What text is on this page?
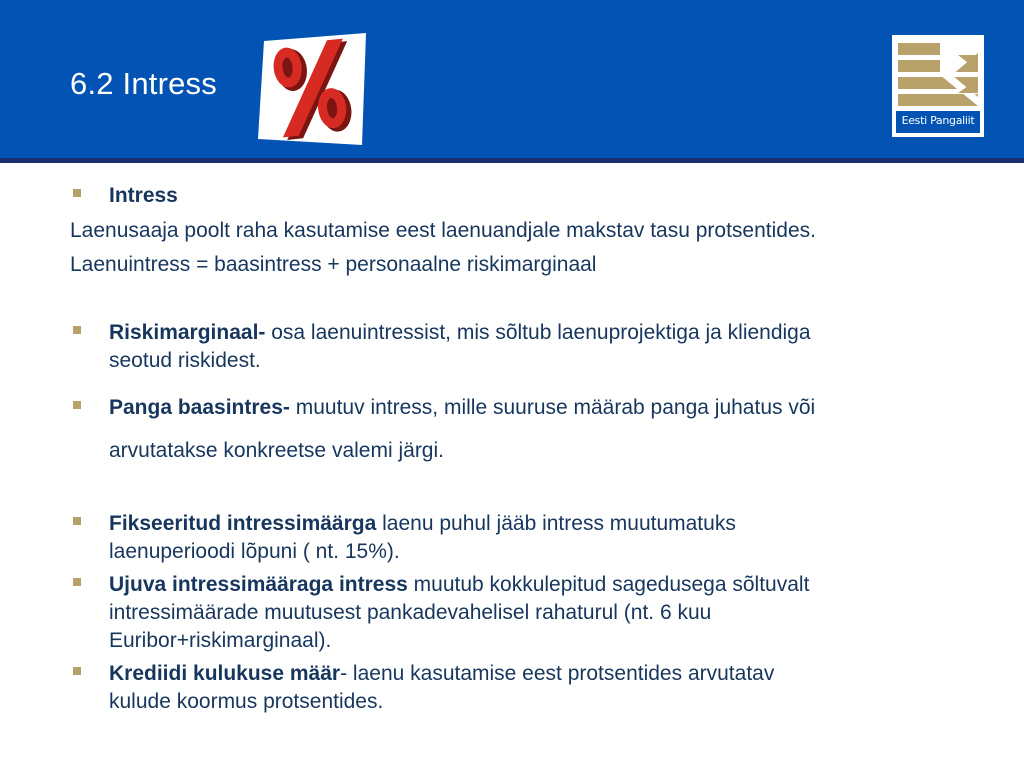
6.2 Intress
Eesti Pangaliit
Intress
Laenusaaja poolt raha kasutamise eest laenuandjale makstav tasu protsentides.
Laenuintress = baasintress + personaalne riskimarginaal
Riskimarginaal- osa laenuintressist, mis sõltub laenuprojektiga ja kliendiga
seotud riskidest.
Panga baasintres- muutuv intress, mille suuruse määrab panga juhatus või
arvutatakse konkreetse valemi järgi.
Fikseeritud intressimäärga laenu puhul jääb intress muutumatuks
laenuperioodi lõpuni ( nt. 15%).
Ujuva intressimääraga intress muutub kokkulepitud sagedusega sõltuvalt
intressimäärade muutusest pankadevahelisel rahaturul (nt. 6 kuu
Euribor+riskimarginaal).
Krediidi kulukuse määr- laenu kasutamise eest protsentides arvutatav
kulude koormus protsentides.
